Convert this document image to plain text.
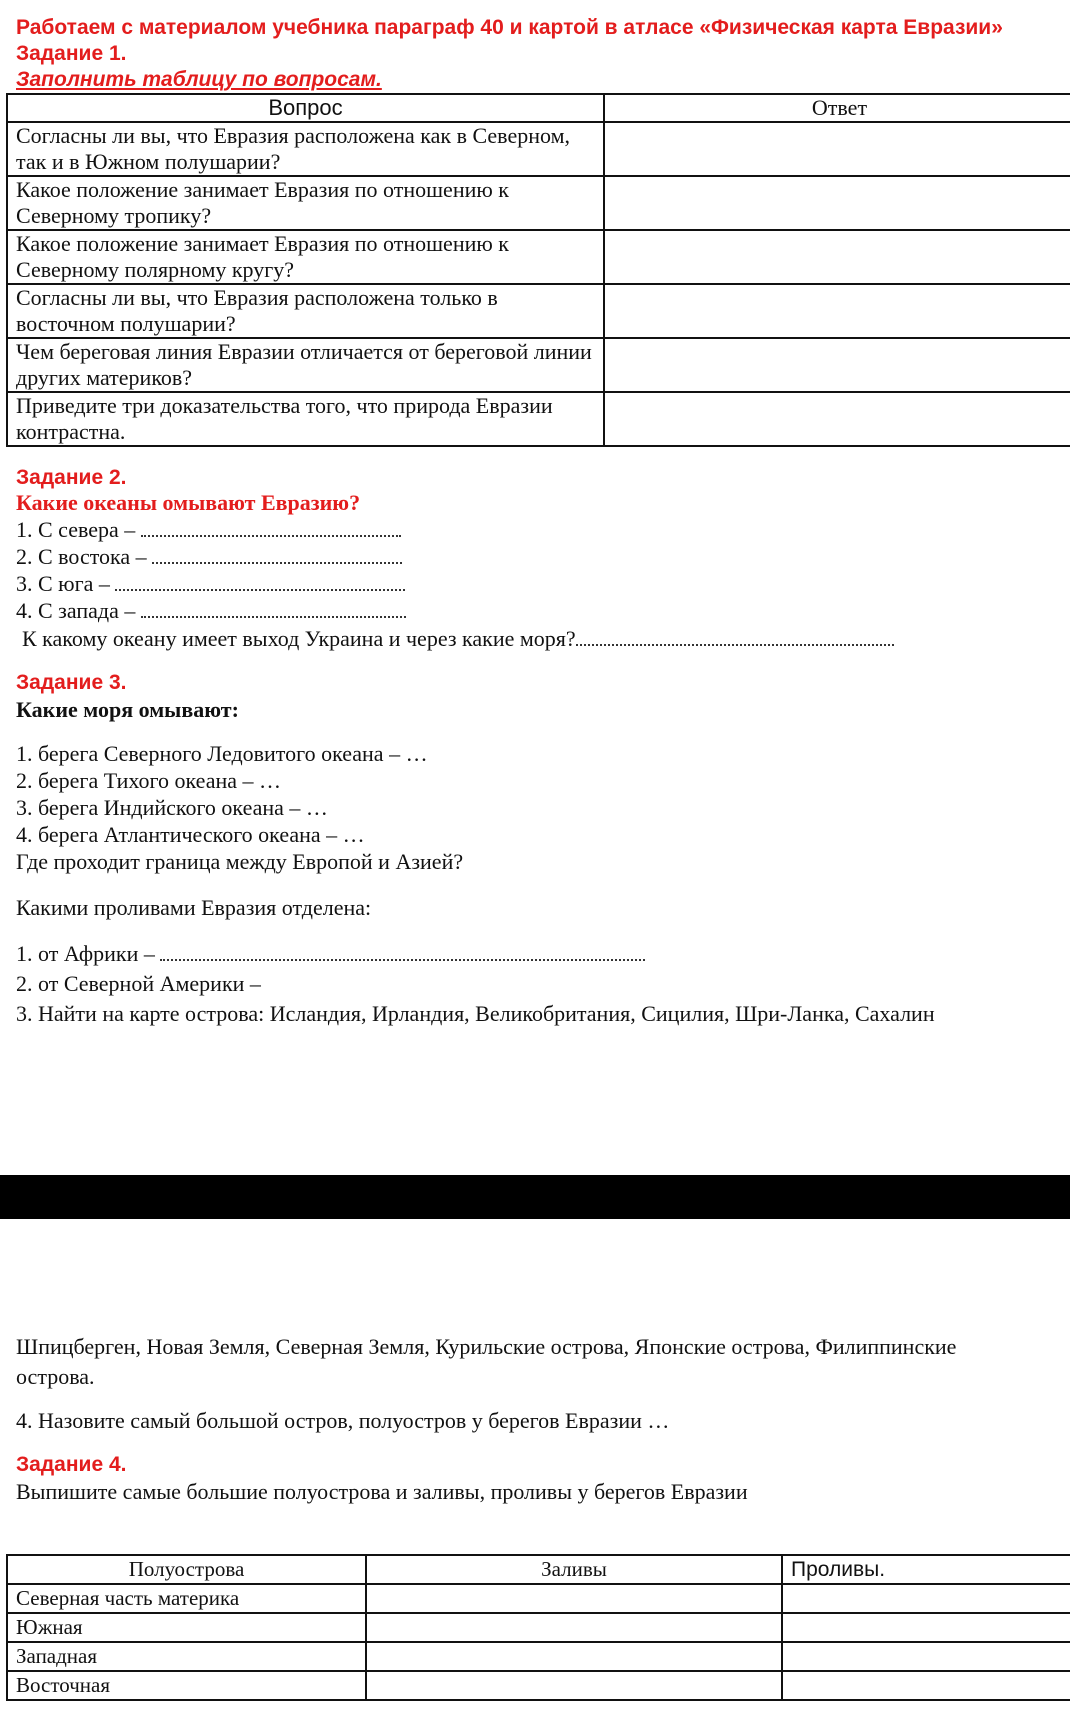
Работаем с материалом учебника параграф 40 и картой в атласе «Физическая карта Евразии»
Задание 1.
Заполнить таблицу по вопросам.
Вопрос	Ответ
Согласны ли вы, что Евразия расположена как в Северном, так и в Южном полушарии?	
Какое положение занимает Евразия по отношению к Северному тропику?	
Какое положение занимает Евразия по отношению к Северному полярному кругу?	
Согласны ли вы, что Евразия расположена только в восточном полушарии?	
Чем береговая линия Евразии отличается от береговой линии других материков?	
Приведите три доказательства того, что природа Евразии контрастна.	
Задание 2.
Какие океаны омывают Евразию?
1. С севера –
2. С востока –
3. С юга –
4. С запада –
К какому океану имеет выход Украина и через какие моря?
Задание 3.
Какие моря омывают:
1. берега Северного Ледовитого океана – …
2. берега Тихого океана – …
3. берега Индийского океана – …
4. берега Атлантического океана – …
Где проходит граница между Европой и Азией?
Какими проливами Евразия отделена:
1. от Африки –
2. от Северной Америки –
3. Найти на карте острова: Исландия, Ирландия, Великобритания, Сицилия, Шри-Ланка, Сахалин
Шпицберген, Новая Земля, Северная Земля, Курильские острова, Японские острова, Филиппинские
острова.
4. Назовите самый большой остров, полуостров у берегов Евразии …
Задание 4.
Выпишите самые большие полуострова и заливы, проливы у берегов Евразии
Полуострова	Заливы	Проливы.
Северная часть материка		
Южная		
Западная		
Восточная		
